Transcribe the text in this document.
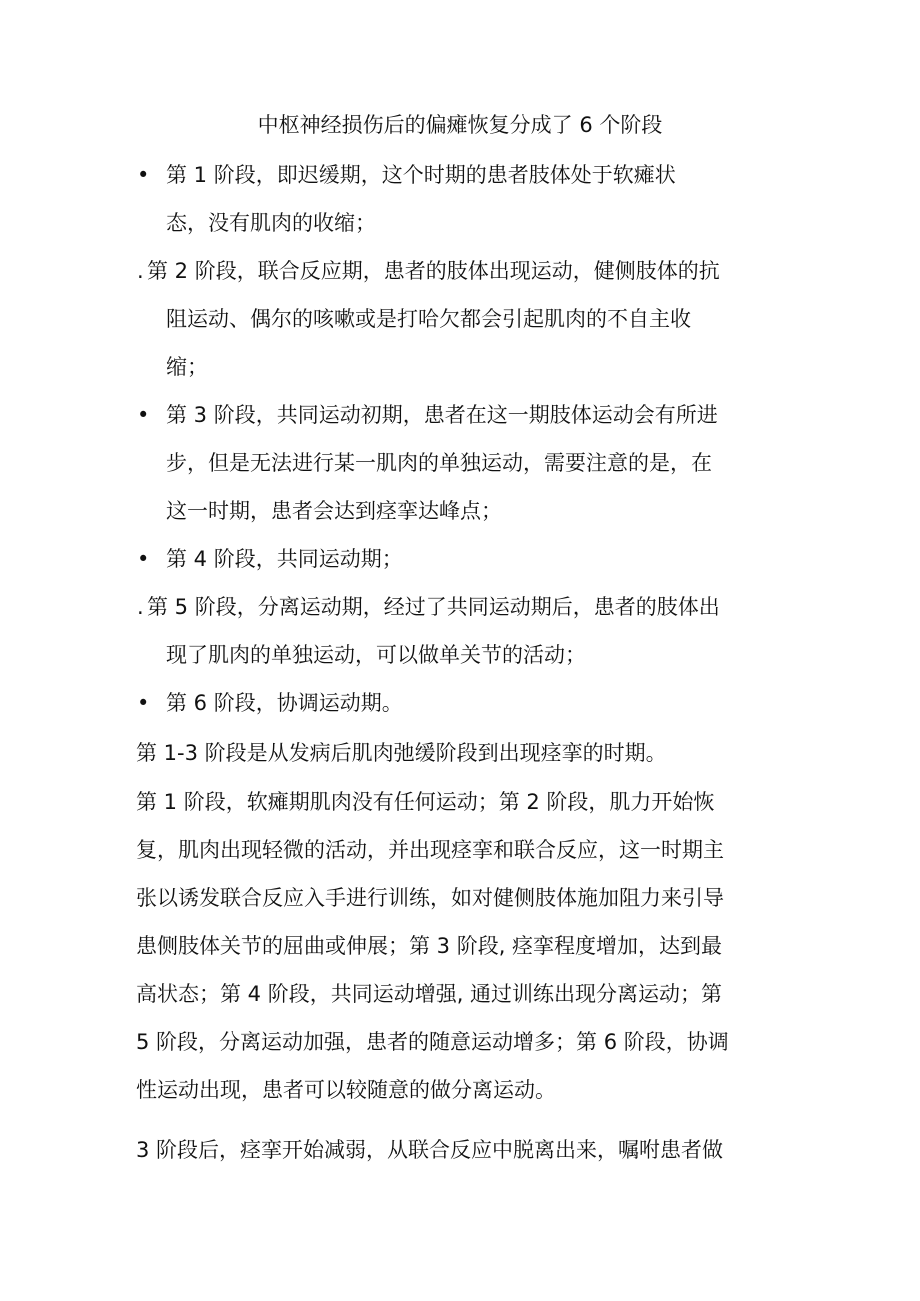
中枢神经损伤后的偏瘫恢复分成了 6 个阶段
• 第 1 阶段，即迟缓期，这个时期的患者肢体处于软瘫状
态，没有肌肉的收缩；
. 第 2 阶段，联合反应期，患者的肢体出现运动，健侧肢体的抗
阻运动、偶尔的咳嗽或是打哈欠都会引起肌肉的不自主收
缩；
• 第 3 阶段，共同运动初期，患者在这一期肢体运动会有所进
步，但是无法进行某一肌肉的单独运动，需要注意的是，在
这一时期，患者会达到痉挛达峰点；
• 第 4 阶段，共同运动期；
. 第 5 阶段，分离运动期，经过了共同运动期后，患者的肢体出
现了肌肉的单独运动，可以做单关节的活动；
• 第 6 阶段，协调运动期。
第 1-3 阶段是从发病后肌肉弛缓阶段到出现痉挛的时期。
第 1 阶段，软瘫期肌肉没有任何运动；第 2 阶段，肌力开始恢
复，肌肉出现轻微的活动，并出现痉挛和联合反应，这一时期主
张以诱发联合反应入手进行训练，如对健侧肢体施加阻力来引导
患侧肢体关节的屈曲或伸展；第 3 阶段, 痉挛程度增加，达到最
高状态；第 4 阶段，共同运动增强, 通过训练出现分离运动；第
5 阶段，分离运动加强，患者的随意运动增多；第 6 阶段，协调
性运动出现，患者可以较随意的做分离运动。
3 阶段后，痉挛开始减弱，从联合反应中脱离出来，嘱咐患者做
